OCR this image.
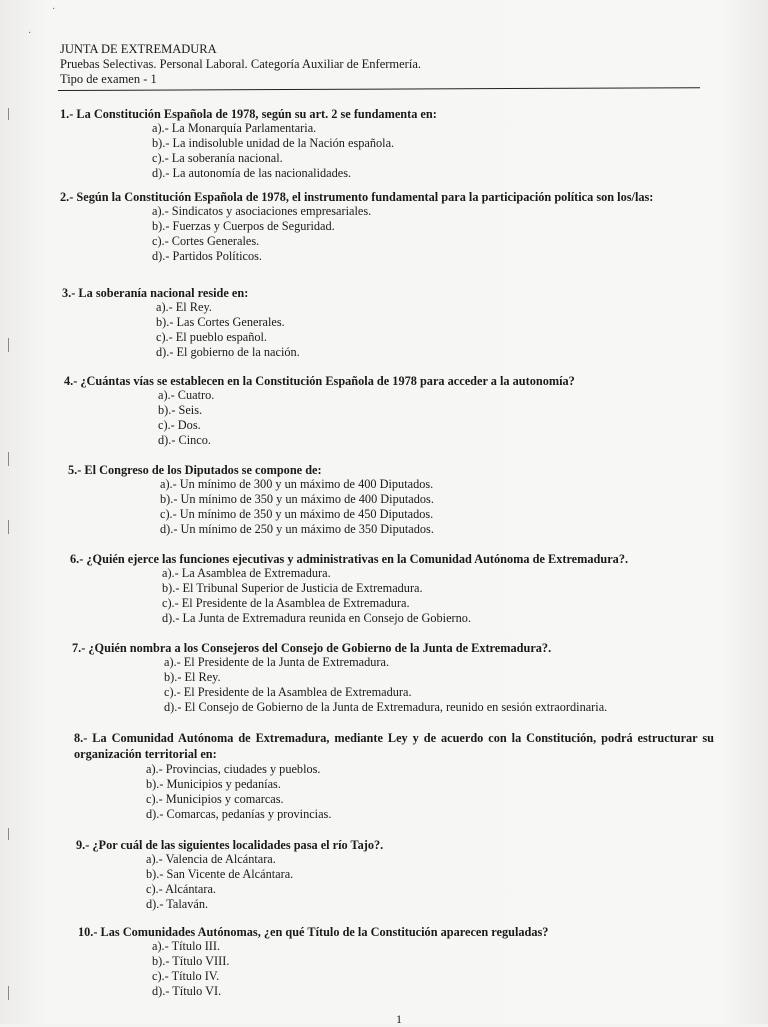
·
·
JUNTA DE EXTREMADURA
Pruebas Selectivas. Personal Laboral. Categoría Auxiliar de Enfermería.
Tipo de examen - 1
1.- La Constitución Española de 1978, según su art. 2 se fundamenta en:
a).- La Monarquía Parlamentaria.
b).- La indisoluble unidad de la Nación española.
c).- La soberanía nacional.
d).- La autonomía de las nacionalidades.
2.- Según la Constitución Española de 1978, el instrumento fundamental para la participación política son los/las:
a).- Sindicatos y asociaciones empresariales.
b).- Fuerzas y Cuerpos de Seguridad.
c).- Cortes Generales.
d).- Partidos Políticos.
3.- La soberanía nacional reside en:
a).- El Rey.
b).- Las Cortes Generales.
c).- El pueblo español.
d).- El gobierno de la nación.
4.- ¿Cuántas vías se establecen en la Constitución Española de 1978 para acceder a la autonomía?
a).- Cuatro.
b).- Seis.
c).- Dos.
d).- Cinco.
5.- El Congreso de los Diputados se compone de:
a).- Un mínimo de 300 y un máximo de 400 Diputados.
b).- Un mínimo de 350 y un máximo de 400 Diputados.
c).- Un mínimo de 350 y un máximo de 450 Diputados.
d).- Un mínimo de 250 y un máximo de 350 Diputados.
6.- ¿Quién ejerce las funciones ejecutivas y administrativas en la Comunidad Autónoma de Extremadura?.
a).- La Asamblea de Extremadura.
b).- El Tribunal Superior de Justicia de Extremadura.
c).- El Presidente de la Asamblea de Extremadura.
d).- La Junta de Extremadura reunida en Consejo de Gobierno.
7.- ¿Quién nombra a los Consejeros del Consejo de Gobierno de la Junta de Extremadura?.
a).- El Presidente de la Junta de Extremadura.
b).- El Rey.
c).- El Presidente de la Asamblea de Extremadura.
d).- El Consejo de Gobierno de la Junta de Extremadura, reunido en sesión extraordinaria.
8.- La Comunidad Autónoma de Extremadura, mediante Ley y de acuerdo con la Constitución, podrá estructurar su organización territorial en:
a).- Provincias, ciudades y pueblos.
b).- Municipios y pedanías.
c).- Municipios y comarcas.
d).- Comarcas, pedanías y provincias.
9.- ¿Por cuál de las siguientes localidades pasa el río Tajo?.
a).- Valencia de Alcántara.
b).- San Vicente de Alcántara.
c).- Alcántara.
d).- Talaván.
10.- Las Comunidades Autónomas, ¿en qué Título de la Constitución aparecen reguladas?
a).- Título III.
b).- Título VIII.
c).- Título IV.
d).- Título VI.
1
